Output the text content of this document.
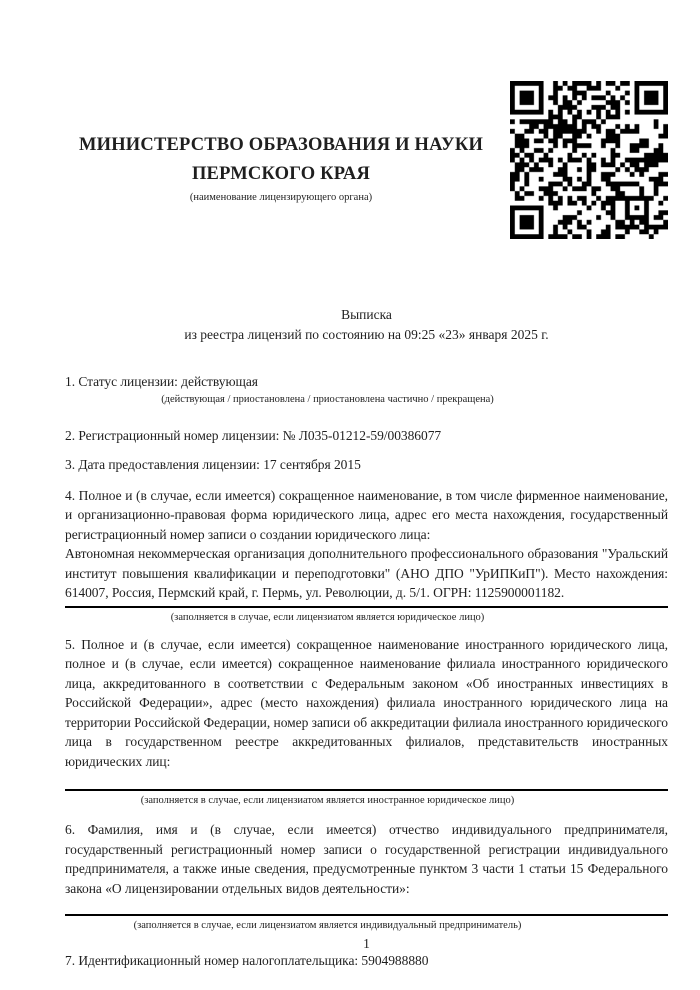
МИНИСТЕРСТВО ОБРАЗОВАНИЯ И НАУКИ
ПЕРМСКОГО КРАЯ
(наименование лицензирующего органа)
Выписка
из реестра лицензий по состоянию на 09:25 «23» января 2025 г.
1. Статус лицензии: действующая
(действующая / приостановлена / приостановлена частично / прекращена)
2. Регистрационный номер лицензии: № Л035-01212-59/00386077
3. Дата предоставления лицензии: 17 сентября 2015
4. Полное и (в случае, если имеется) сокращенное наименование, в том числе фирменное наименование, и организационно-правовая форма юридического лица, адрес его места нахождения, государственный регистрационный номер записи о создании юридического лица:
Автономная некоммерческая организация дополнительного профессионального образования "Уральский институт повышения квалификации и переподготовки" (АНО ДПО "УрИПКиП"). Место нахождения: 614007, Россия, Пермский край, г. Пермь, ул. Революции, д. 5/1. ОГРН: 1125900001182.
(заполняется в случае, если лицензиатом является юридическое лицо)
5. Полное и (в случае, если имеется) сокращенное наименование иностранного юридического лица, полное и (в случае, если имеется) сокращенное наименование филиала иностранного юридического лица, аккредитованного в соответствии с Федеральным законом «Об иностранных инвестициях в Российской Федерации», адрес (место нахождения) филиала иностранного юридического лица на территории Российской Федерации, номер записи об аккредитации филиала иностранного юридического лица в государственном реестре аккредитованных филиалов, представительств иностранных юридических лиц:
(заполняется в случае, если лицензиатом является иностранное юридическое лицо)
6. Фамилия, имя и (в случае, если имеется) отчество индивидуального предпринимателя, государственный регистрационный номер записи о государственной регистрации индивидуального предпринимателя, а также иные сведения, предусмотренные пунктом 3 части 1 статьи 15 Федерального закона «О лицензировании отдельных видов деятельности»:
(заполняется в случае, если лицензиатом является индивидуальный предприниматель)
7. Идентификационный номер налогоплательщика: 5904988880
1
